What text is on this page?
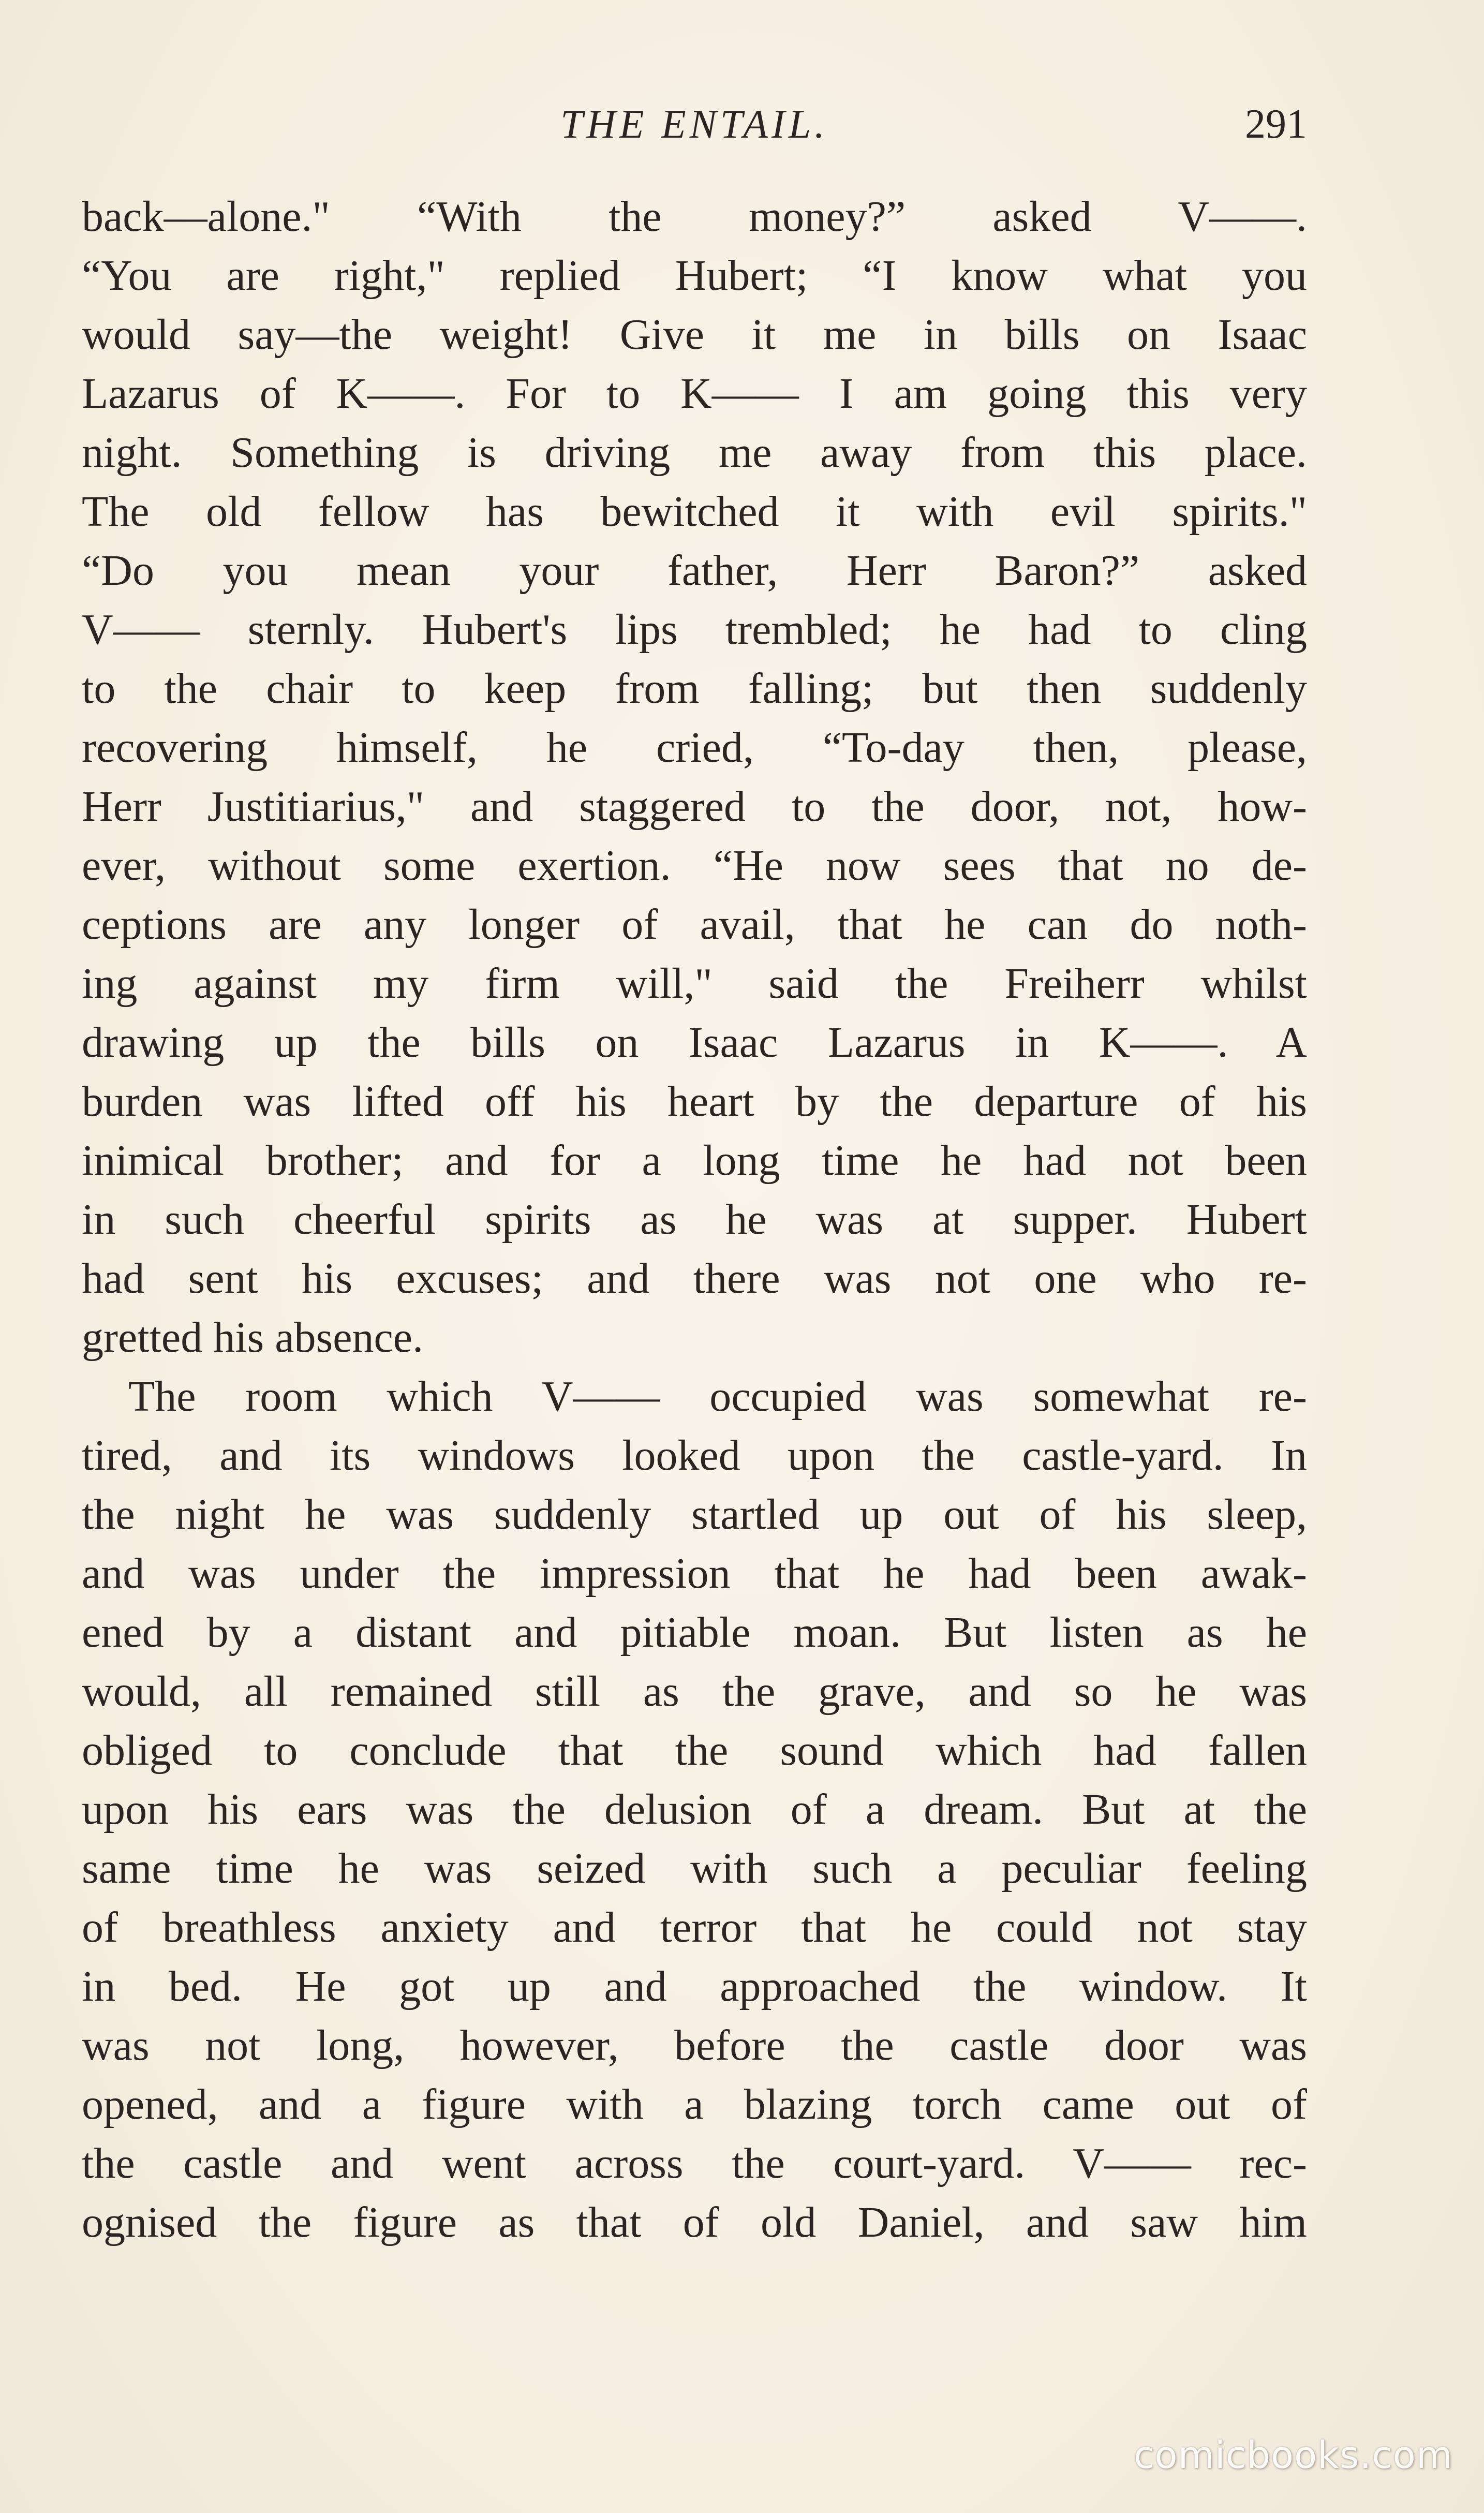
THE ENTAIL.	291
back—alone." “With the money?” asked V——.
“You are right," replied Hubert; “I know what you
would say—the weight! Give it me in bills on Isaac
Lazarus of K——. For to K—— I am going this very
night. Something is driving me away from this place.
The old fellow has bewitched it with evil spirits."
“Do you mean your father, Herr Baron?” asked
V—— sternly. Hubert's lips trembled; he had to cling
to the chair to keep from falling; but then suddenly
recovering himself, he cried, “To-day then, please,
Herr Justitiarius," and staggered to the door, not, how-
ever, without some exertion. “He now sees that no de-
ceptions are any longer of avail, that he can do noth-
ing against my firm will," said the Freiherr whilst
drawing up the bills on Isaac Lazarus in K——. A
burden was lifted off his heart by the departure of his
inimical brother; and for a long time he had not been
in such cheerful spirits as he was at supper. Hubert
had sent his excuses; and there was not one who re-
gretted his absence.
The room which V—— occupied was somewhat re-
tired, and its windows looked upon the castle-yard. In
the night he was suddenly startled up out of his sleep,
and was under the impression that he had been awak-
ened by a distant and pitiable moan. But listen as he
would, all remained still as the grave, and so he was
obliged to conclude that the sound which had fallen
upon his ears was the delusion of a dream. But at the
same time he was seized with such a peculiar feeling
of breathless anxiety and terror that he could not stay
in bed. He got up and approached the window. It
was not long, however, before the castle door was
opened, and a figure with a blazing torch came out of
the castle and went across the court-yard. V—— rec-
ognised the figure as that of old Daniel, and saw him
comicbooks.com
